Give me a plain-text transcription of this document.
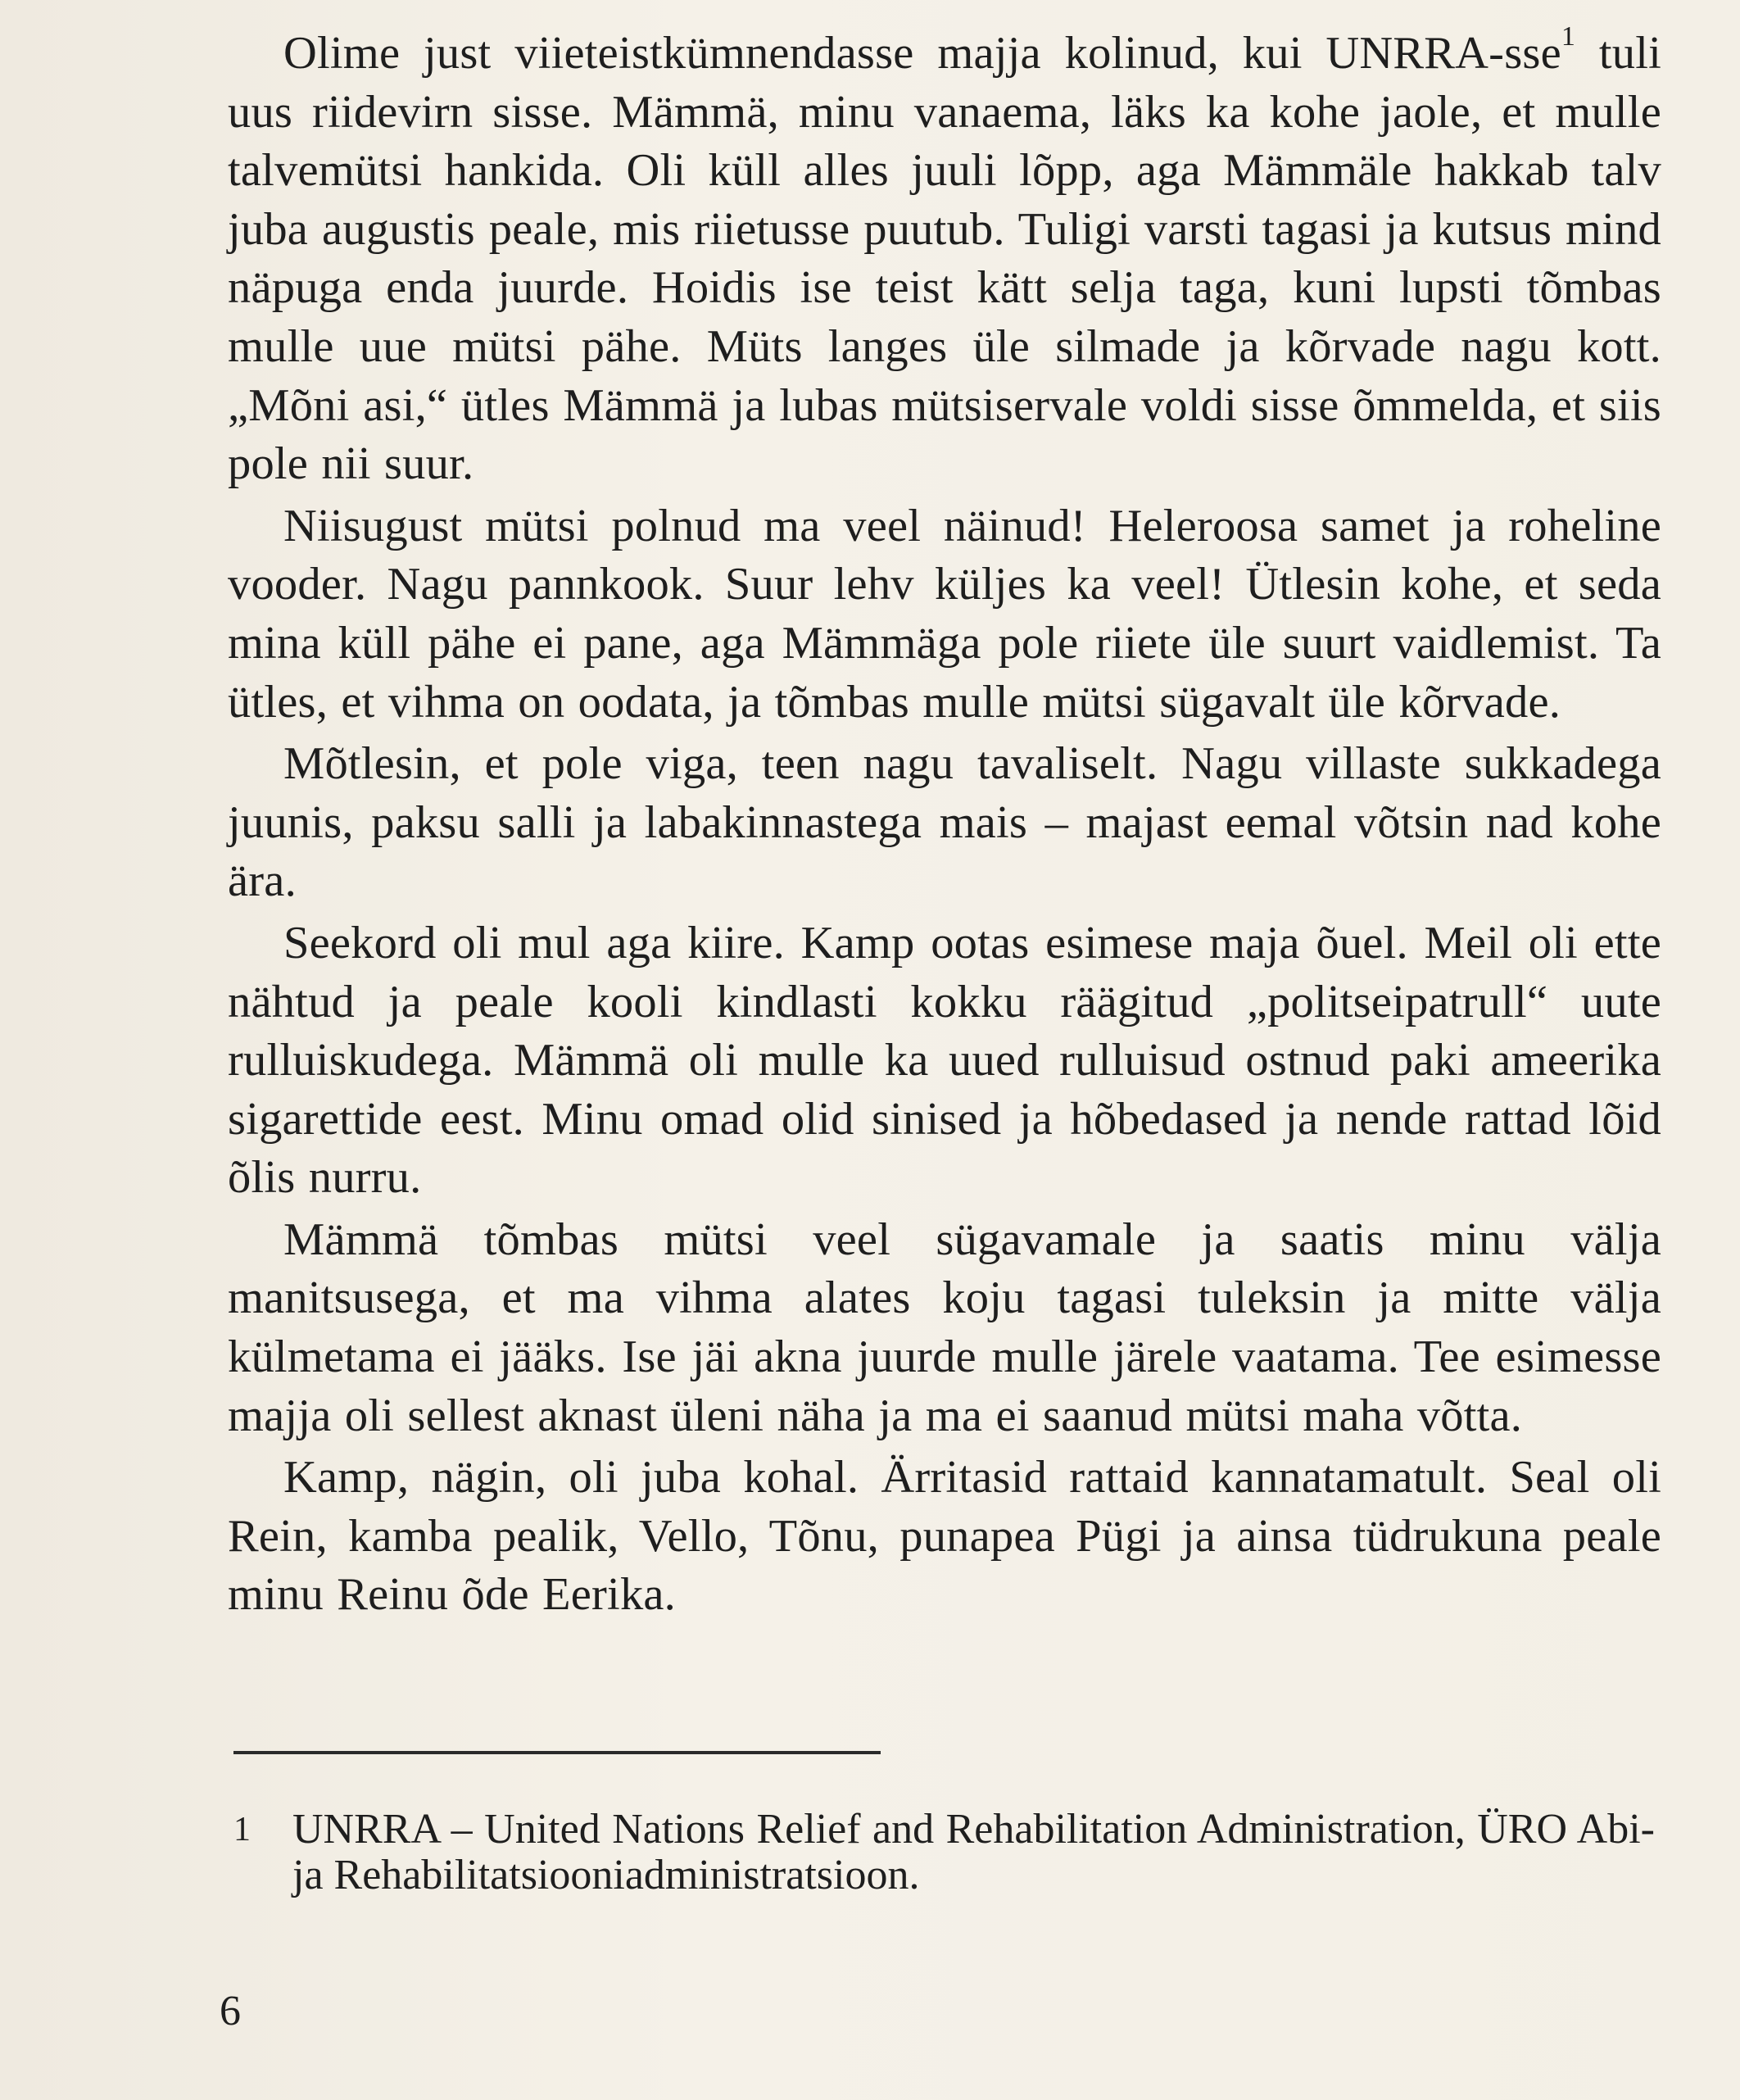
Olime just viieteistkümnendasse majja kolinud, kui UNRRA-sse$^1$ tuli uus riidevirn sisse. Mämmä, minu vanaema, läks ka kohe jaole, et mulle talvemütsi hankida. Oli küll alles juuli lõpp, aga Mämmäle hakkab talv juba augustis peale, mis riietusse puutub. Tuligi varsti tagasi ja kutsus mind näpuga enda juurde. Hoidis ise teist kätt selja taga, kuni lupsti tõmbas mulle uue mütsi pähe. Müts langes üle silmade ja kõrvade nagu kott. „Mõni asi,“ ütles Mämmä ja lubas mütsiservale voldi sisse õmmelda, et siis pole nii suur.

Niisugust mütsi polnud ma veel näinud! Heleroosa samet ja roheline vooder. Nagu pannkook. Suur lehv küljes ka veel! Ütlesin kohe, et seda mina küll pähe ei pane, aga Mämmäga pole riiete üle suurt vaidlemist. Ta ütles, et vihma on oodata, ja tõmbas mulle mütsi sügavalt üle kõrvade.

Mõtlesin, et pole viga, teen nagu tavaliselt. Nagu villaste sukkadega juunis, paksu salli ja labakinnastega mais – majast eemal võtsin nad kohe ära.

Seekord oli mul aga kiire. Kamp ootas esimese maja õuel. Meil oli ette nähtud ja peale kooli kindlasti kokku räägitud „politseipatrull“ uute rulluiskudega. Mämmä oli mulle ka uued rulluisud ostnud paki ameerika sigarettide eest. Minu omad olid sinised ja hõbedased ja nende rattad lõid õlis nurru.

Mämmä tõmbas mütsi veel sügavamale ja saatis minu välja manitsusega, et ma vihma alates koju tagasi tuleksin ja mitte välja külmetama ei jääks. Ise jäi akna juurde mulle järele vaatama. Tee esimesse majja oli sellest aknast üleni näha ja ma ei saanud mütsi maha võtta.

Kamp, nägin, oli juba kohal. Ärritasid rattaid kannatamatult. Seal oli Rein, kamba pealik, Vello, Tõnu, punapea Pügi ja ainsa tüdrukuna peale minu Reinu õde Eerika.

1 UNRRA – United Nations Relief and Rehabilitation Administration, ÜRO Abi- ja Rehabilitatsiooniadministratsioon.
6
